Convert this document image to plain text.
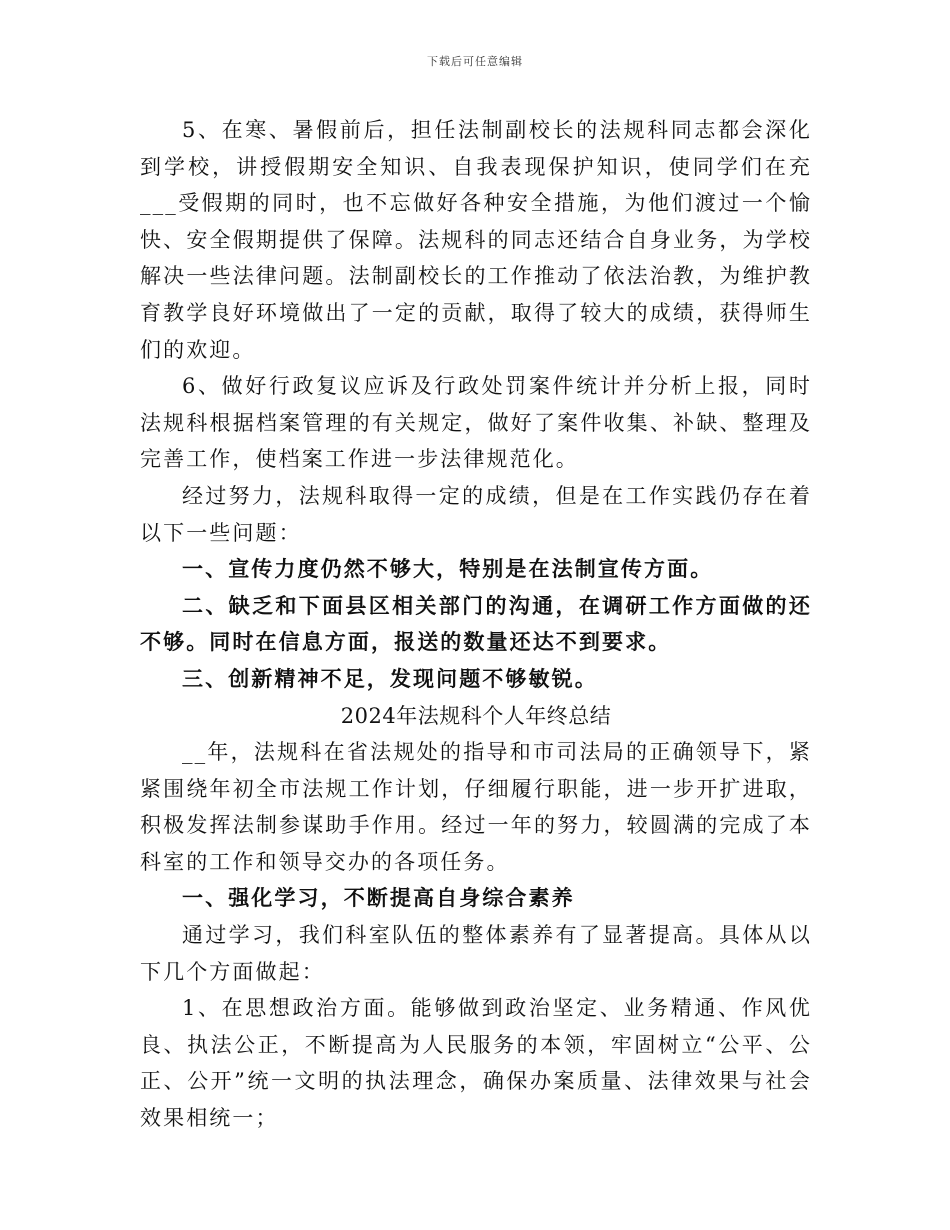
下载后可任意编辑

5、在寒、暑假前后，担任法制副校长的法规科同志都会深化到学校，讲授假期安全知识、自我表现保护知识，使同学们在充___受假期的同时，也不忘做好各种安全措施，为他们渡过一个愉快、安全假期提供了保障。法规科的同志还结合自身业务，为学校解决一些法律问题。法制副校长的工作推动了依法治教，为维护教育教学良好环境做出了一定的贡献，取得了较大的成绩，获得师生们的欢迎。

6、做好行政复议应诉及行政处罚案件统计并分析上报，同时法规科根据档案管理的有关规定，做好了案件收集、补缺、整理及完善工作，使档案工作进一步法律规范化。

经过努力，法规科取得一定的成绩，但是在工作实践仍存在着以下一些问题：

一、宣传力度仍然不够大，特别是在法制宣传方面。

二、缺乏和下面县区相关部门的沟通，在调研工作方面做的还不够。同时在信息方面，报送的数量还达不到要求。

三、创新精神不足，发现问题不够敏锐。

2024年法规科个人年终总结

__年，法规科在省法规处的指导和市司法局的正确领导下，紧紧围绕年初全市法规工作计划，仔细履行职能，进一步开扩进取，积极发挥法制参谋助手作用。经过一年的努力，较圆满的完成了本科室的工作和领导交办的各项任务。

一、强化学习，不断提高自身综合素养

通过学习，我们科室队伍的整体素养有了显著提高。具体从以下几个方面做起：

1、在思想政治方面。能够做到政治坚定、业务精通、作风优良、执法公正，不断提高为人民服务的本领，牢固树立“公平、公正、公开”统一文明的执法理念，确保办案质量、法律效果与社会效果相统一；
